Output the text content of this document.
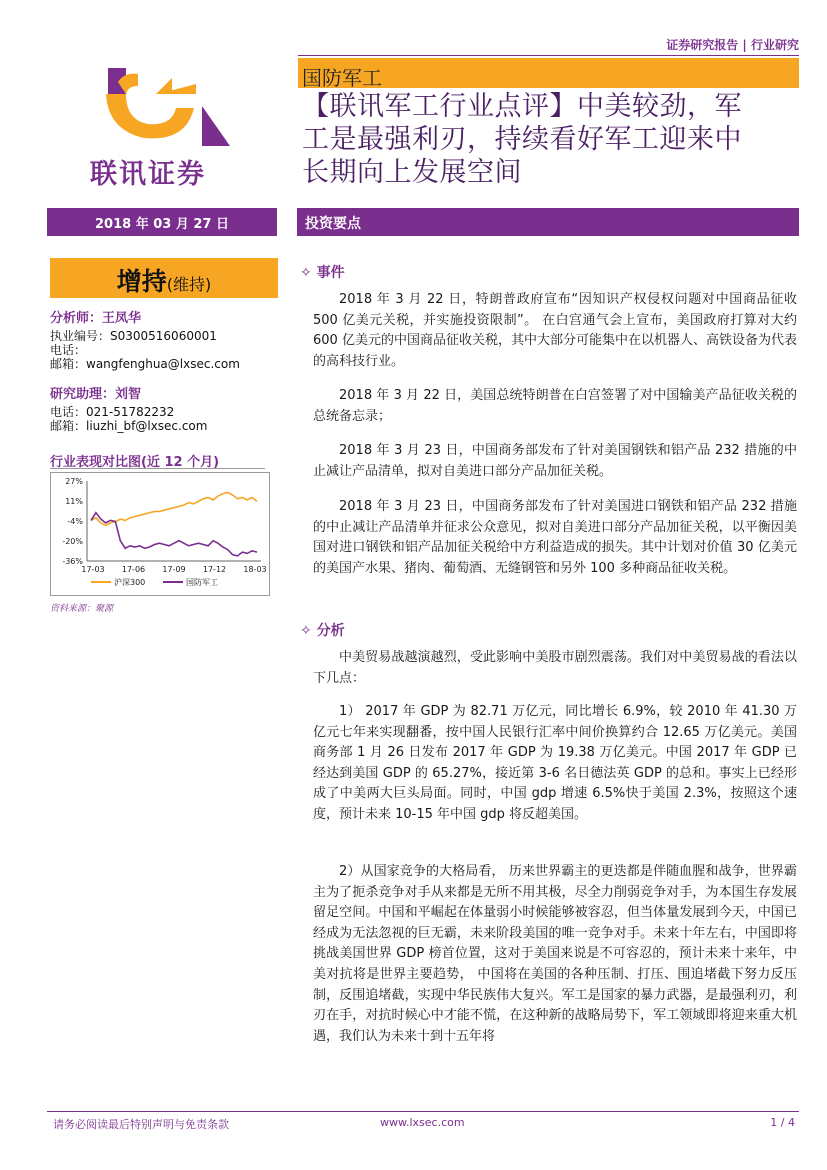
证券研究报告 | 行业研究
国防军工
【联讯军工行业点评】中美较劲，军
工是最强利刃，持续看好军工迎来中
长期向上发展空间
联讯证券
2018 年 03 月 27 日	投资要点
增持(维持)
分析师：王凤华
执业编号：S0300516060001
电话：
邮箱：wangfenghua@lxsec.com
研究助理：刘智
电话：021-51782232
邮箱：liuzhi_bf@lxsec.com
行业表现对比图(近 12 个月)
27%
11%
-4%
-20%
-36%
17-03 17-06 17-09 17-12 18-03
沪深300	国防军工
资料来源：聚源
✧ 事件

2018 年 3 月 22 日，特朗普政府宣布“因知识产权侵权问题对中国商品征收 500 亿美元关税，并实施投资限制”。 在白宫通气会上宣布，美国政府打算对大约 600 亿美元的中国商品征收关税，其中大部分可能集中在以机器人、高铁设备为代表的高科技行业。

2018 年 3 月 22 日，美国总统特朗普在白宫签署了对中国输美产品征收关税的总统备忘录；

2018 年 3 月 23 日，中国商务部发布了针对美国钢铁和铝产品 232 措施的中止减让产品清单，拟对自美进口部分产品加征关税。

2018 年 3 月 23 日，中国商务部发布了针对美国进口钢铁和铝产品 232 措施的中止减让产品清单并征求公众意见，拟对自美进口部分产品加征关税，以平衡因美国对进口钢铁和铝产品加征关税给中方利益造成的损失。其中计划对价值 30 亿美元的美国产水果、猪肉、葡萄酒、无缝钢管和另外 100 多种商品征收关税。

✧ 分析

中美贸易战越演越烈，受此影响中美股市剧烈震荡。我们对中美贸易战的看法以下几点：

1） 2017 年 GDP 为 82.71 万亿元，同比增长 6.9%，较 2010 年 41.30 万亿元七年来实现翻番，按中国人民银行汇率中间价换算约合 12.65 万亿美元。美国商务部 1 月 26 日发布 2017 年 GDP 为 19.38 万亿美元。中国 2017 年 GDP 已经达到美国 GDP 的 65.27%，接近第 3-6 名日德法英 GDP 的总和。事实上已经形成了中美两大巨头局面。同时，中国 gdp 增速 6.5%快于美国 2.3%，按照这个速度，预计未来 10-15 年中国 gdp 将反超美国。

2）从国家竞争的大格局看， 历来世界霸主的更迭都是伴随血腥和战争，世界霸主为了扼杀竞争对手从来都是无所不用其极，尽全力削弱竞争对手，为本国生存发展留足空间。中国和平崛起在体量弱小时候能够被容忍，但当体量发展到今天，中国已经成为无法忽视的巨无霸，未来阶段美国的唯一竞争对手。未来十年左右，中国即将挑战美国世界 GDP 榜首位置，这对于美国来说是不可容忍的，预计未来十来年，中美对抗将是世界主要趋势， 中国将在美国的各种压制、打压、围追堵截下努力反压制，反围追堵截，实现中华民族伟大复兴。军工是国家的暴力武器，是最强利刃，利刃在手，对抗时候心中才能不慌，在这种新的战略局势下，军工领域即将迎来重大机遇，我们认为未来十到十五年将

请务必阅读最后特别声明与免责条款	www.lxsec.com	1 / 4
